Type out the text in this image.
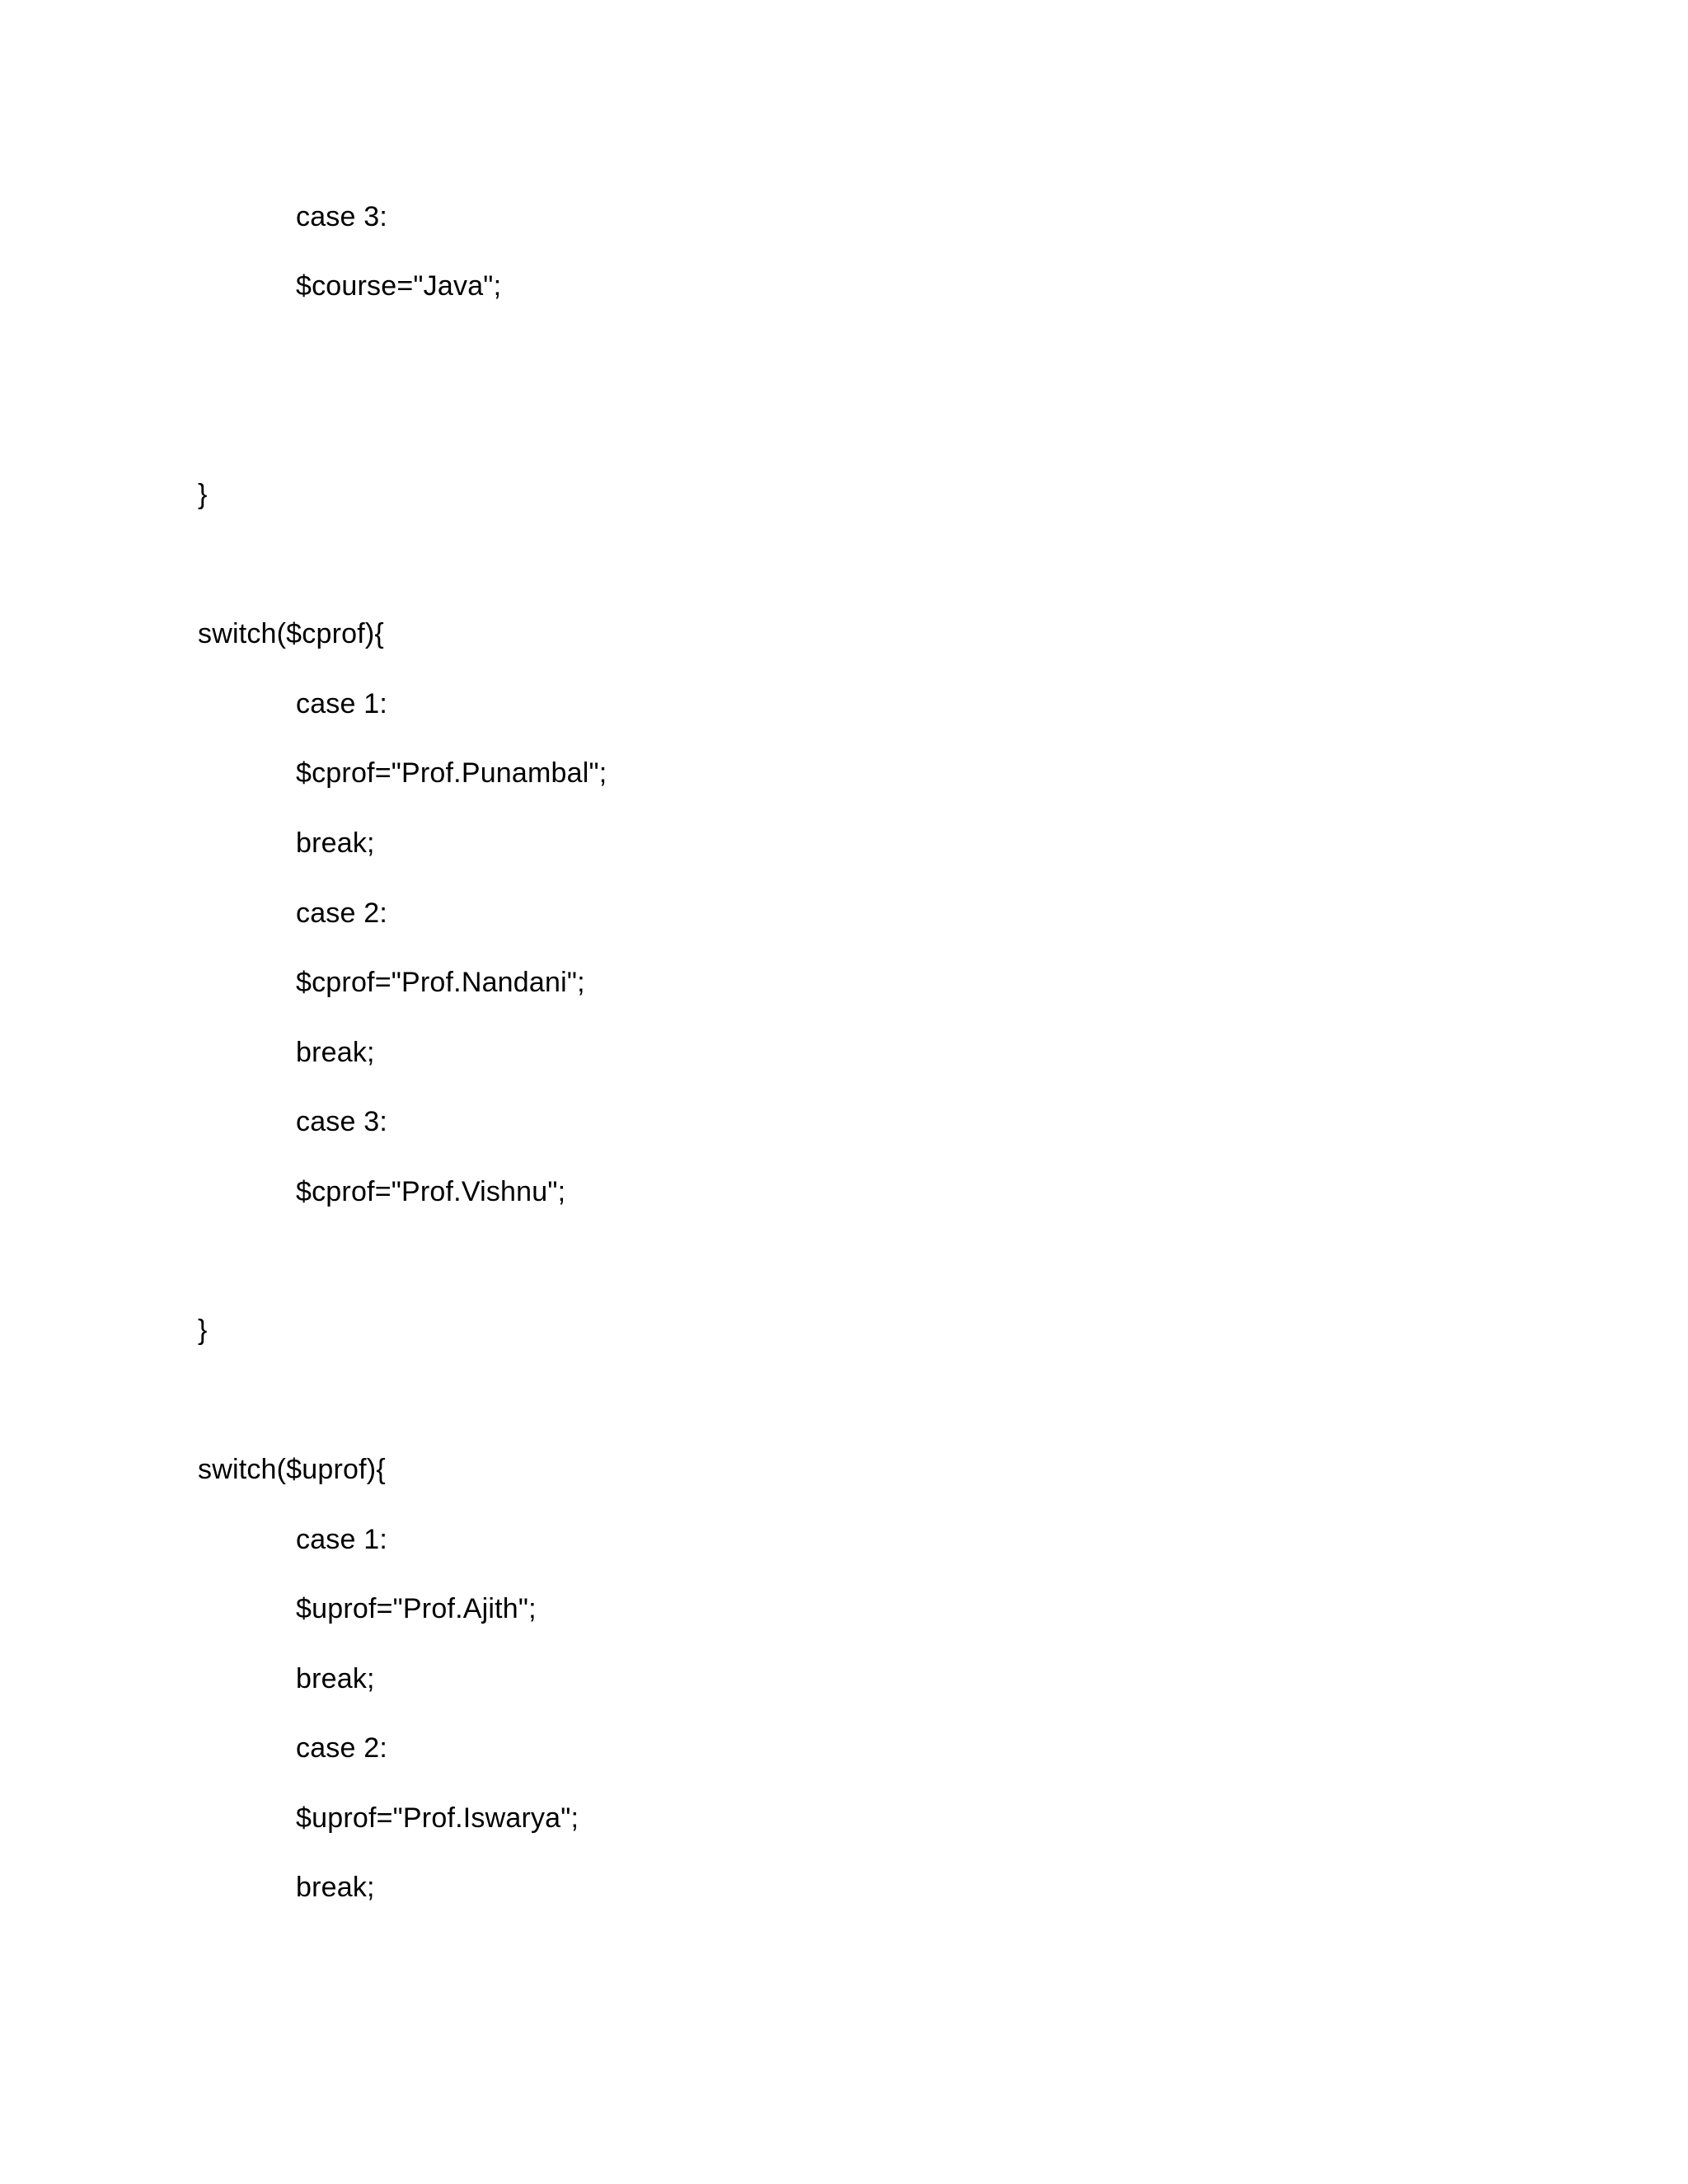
case 3:
$course="Java";
}
switch($cprof){
case 1:
$cprof="Prof.Punambal";
break;
case 2:
$cprof="Prof.Nandani";
break;
case 3:
$cprof="Prof.Vishnu";
}
switch($uprof){
case 1:
$uprof="Prof.Ajith";
break;
case 2:
$uprof="Prof.Iswarya";
break;
